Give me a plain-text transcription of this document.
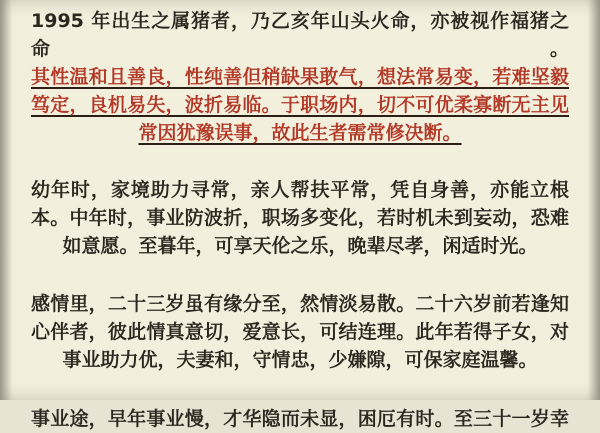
1995 年出生之属猪者，乃乙亥年山头火命，亦被视作福猪之命。

其性温和且善良，性纯善但稍缺果敢气，想法常易变，若难坚毅

笃定，良机易失，波折易临。于职场内，切不可优柔寡断无主见

常因犹豫误事，故此生者需常修决断。

幼年时，家境助力寻常，亲人帮扶平常，凭自身善，亦能立根

本。中年时，事业防波折，职场多变化，若时机未到妄动，恐难

如意愿。至暮年，可享天伦之乐，晚辈尽孝，闲适时光。

感情里，二十三岁虽有缘分至，然情淡易散。二十六岁前若逢知

心伴者，彼此情真意切，爱意长，可结连理。此年若得子女，对

事业助力优，夫妻和，守情忠，少嫌隙，可保家庭温馨。

事业途，早年事业慢，才华隐而未显，困厄有时。至三十一岁幸
